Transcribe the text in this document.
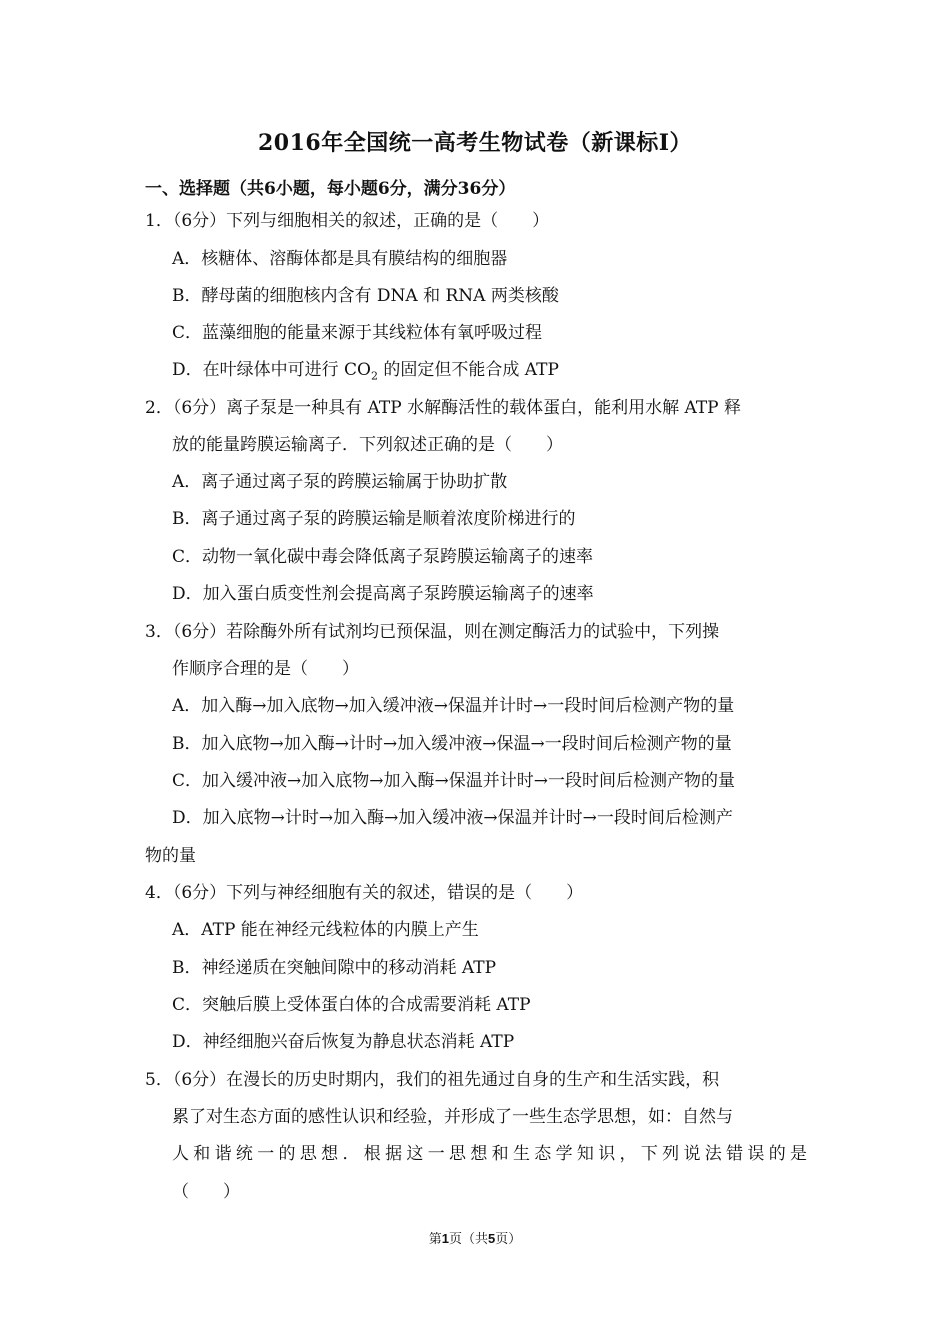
2016年全国统一高考生物试卷（新课标Ⅰ）
一、选择题（共6小题，每小题6分，满分36分）
1．（6分）下列与细胞相关的叙述，正确的是（　　）
A．核糖体、溶酶体都是具有膜结构的细胞器
B．酵母菌的细胞核内含有 DNA 和 RNA 两类核酸
C．蓝藻细胞的能量来源于其线粒体有氧呼吸过程
D．在叶绿体中可进行 $CO_2$ 的固定但不能合成 ATP
2．（6分）离子泵是一种具有 ATP 水解酶活性的载体蛋白，能利用水解 ATP 释
放的能量跨膜运输离子．下列叙述正确的是（　　）
A．离子通过离子泵的跨膜运输属于协助扩散
B．离子通过离子泵的跨膜运输是顺着浓度阶梯进行的
C．动物一氧化碳中毒会降低离子泵跨膜运输离子的速率
D．加入蛋白质变性剂会提高离子泵跨膜运输离子的速率
3．（6分）若除酶外所有试剂均已预保温，则在测定酶活力的试验中，下列操
作顺序合理的是（　　）
A．加入酶→加入底物→加入缓冲液→保温并计时→一段时间后检测产物的量
B．加入底物→加入酶→计时→加入缓冲液→保温→一段时间后检测产物的量
C．加入缓冲液→加入底物→加入酶→保温并计时→一段时间后检测产物的量
D．加入底物→计时→加入酶→加入缓冲液→保温并计时→一段时间后检测产
物的量
4．（6分）下列与神经细胞有关的叙述，错误的是（　　）
A．ATP 能在神经元线粒体的内膜上产生
B．神经递质在突触间隙中的移动消耗 ATP
C．突触后膜上受体蛋白体的合成需要消耗 ATP
D．神经细胞兴奋后恢复为静息状态消耗 ATP
5．（6分）在漫长的历史时期内，我们的祖先通过自身的生产和生活实践，积
累了对生态方面的感性认识和经验，并形成了一些生态学思想，如：自然与
人和谐统一的思想．根据这一思想和生态学知识，下列说法错误的是
（　　）
第1页（共5页）
